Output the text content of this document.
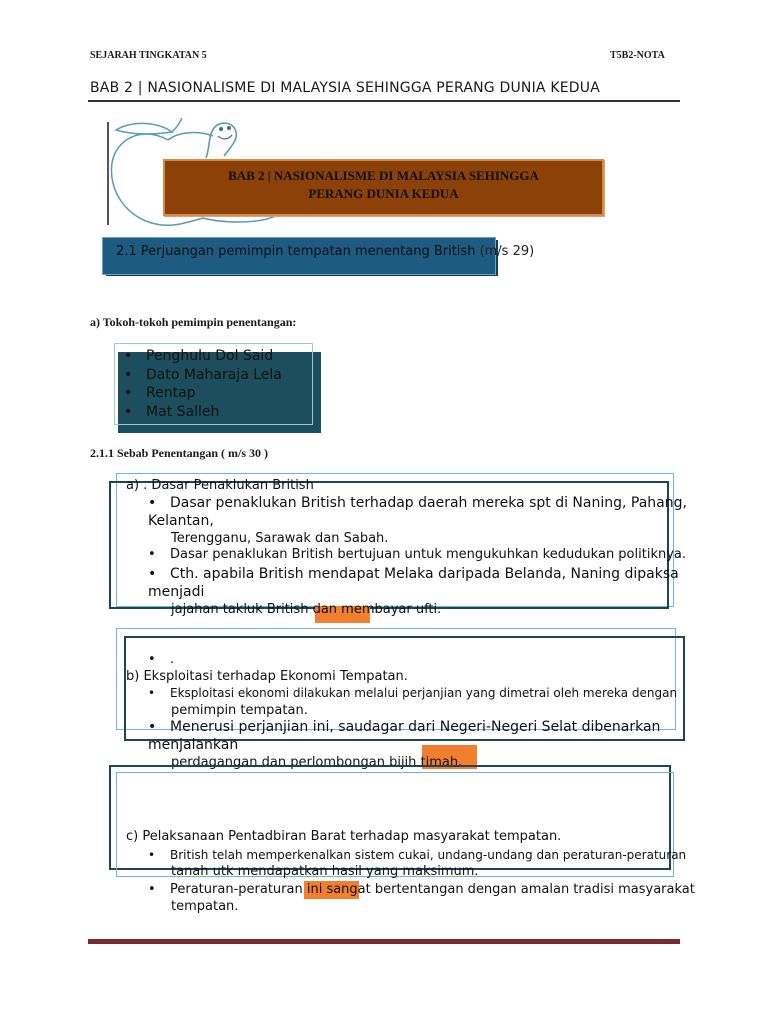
SEJARAH TINGKATAN 5	T5B2-NOTA
BAB 2 | NASIONALISME DI MALAYSIA SEHINGGA PERANG DUNIA KEDUA
BAB 2 | NASIONALISME DI MALAYSIA SEHINGGA
PERANG DUNIA KEDUA
2.1 Perjuangan pemimpin tempatan menentang British (m/s 29)
a) Tokoh-tokoh pemimpin penentangan:
• Penghulu Dol Said
• Dato Maharaja Lela
• Rentap
• Mat Salleh
2.1.1 Sebab Penentangan ( m/s 30 )
a) . Dasar Penaklukan British
• Dasar penaklukan British terhadap daerah mereka spt di Naning, Pahang,
Kelantan,
Terengganu, Sarawak dan Sabah.
• Dasar penaklukan British bertujuan untuk mengukuhkan kedudukan politiknya.
• Cth. apabila British mendapat Melaka daripada Belanda, Naning dipaksa
menjadi
jajahan takluk British dan membayar ufti.
• .
b) Eksploitasi terhadap Ekonomi Tempatan.
• Eksploitasi ekonomi dilakukan melalui perjanjian yang dimetrai oleh mereka dengan
pemimpin tempatan.
• Menerusi perjanjian ini, saudagar dari Negeri-Negeri Selat dibenarkan
menjalankan
perdagangan dan perlombongan bijih timah.
c) Pelaksanaan Pentadbiran Barat terhadap masyarakat tempatan.
• British telah memperkenalkan sistem cukai, undang-undang dan peraturan-peraturan
tanah utk mendapatkan hasil yang maksimum.
• Peraturan-peraturan ini sangat bertentangan dengan amalan tradisi masyarakat
tempatan.
